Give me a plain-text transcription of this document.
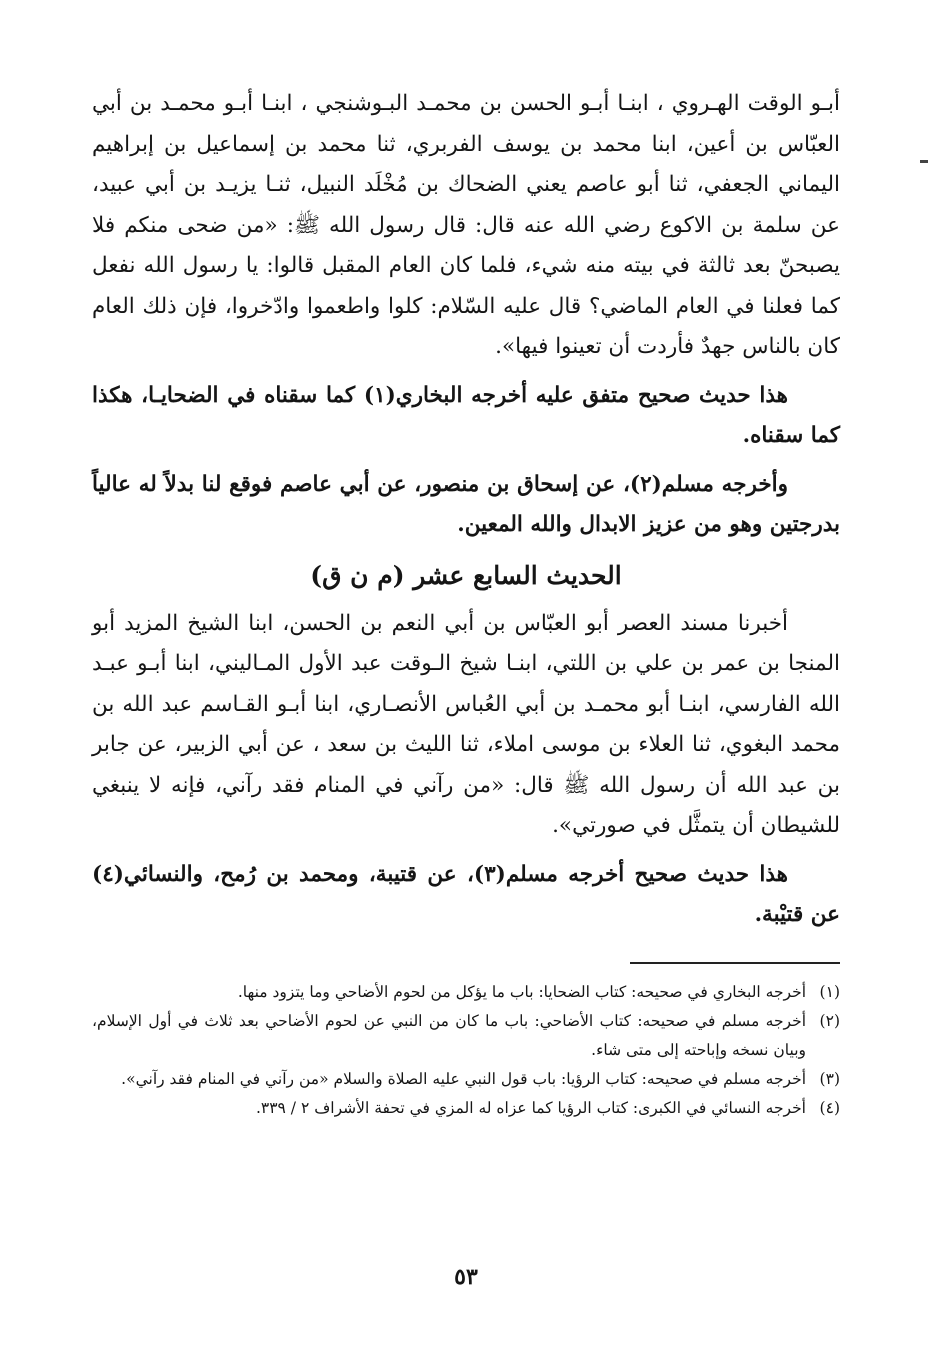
أبـو الوقت الهـروي ، ابنـا أبـو الحسن بن محمـد البـوشنجي ، ابنـا أبـو محمـد بن أبي العبّاس بن أعين، ابنا محمد بن يوسف الفربري، ثنا محمد بن إسماعيل بن إبراهيم اليماني الجعفي، ثنا أبو عاصم يعني الضحاك بن مُخْلَد النبيل، ثنـا يزيـد بن أبي عبيد، عن سلمة بن الاكوع رضي الله عنه قال: قال رسول الله ﷺ: «من ضحى منكم فلا يصبحنّ بعد ثالثة في بيته منه شيء، فلما كان العام المقبل قالوا: يا رسول الله نفعل كما فعلنا في العام الماضي؟ قال عليه السّلام: كلوا واطعموا وادّخروا، فإن ذلك العام كان بالناس جهدٌ فأردت أن تعينوا فيها».

هذا حديث صحيح متفق عليه أخرجه البخاري(١) كما سقناه في الضحايـا، هكذا كما سقناه.

وأخرجه مسلم(٢)، عن إسحاق بن منصور، عن أبي عاصم فوقع لنا بدلاً له عالياً بدرجتين وهو من عزيز الابدال والله المعين.

الحديث السابع عشر (م ن ق)

أخبرنا مسند العصر أبو العبّاس بن أبي النعم بن الحسن، ابنا الشيخ المزيد أبو المنجا بن عمر بن علي بن اللتي، ابنـا شيخ الـوقت عبد الأول المـاليني، ابنا أبـو عبـد الله الفارسي، ابنـا أبو محمـد بن أبي العُباس الأنصـاري، ابنا أبـو القـاسم عبد الله بن محمد البغوي، ثنا العلاء بن موسى املاء، ثنا الليث بن سعد ، عن أبي الزبير، عن جابر بن عبد الله أن رسول الله ﷺ قال: «من رآني في المنام فقد رآني، فإنه لا ينبغي للشيطان أن يتمثَّل في صورتي».

هذا حديث صحيح أخرجه مسلم(٣)، عن قتيبة، ومحمد بن رُمح، والنسائي(٤) عن قتيْبة.

(١)
أخرجه البخاري في صحيحه: كتاب الضحايا: باب ما يؤكل من لحوم الأضاحي وما يتزود منها.

(٢)
أخرجه مسلم في صحيحه: كتاب الأضاحي: باب ما كان من النبي عن لحوم الأضاحي بعد ثلاث في أول الإسلام، وبيان نسخه وإباحته إلى متى شاء.

(٣)
أخرجه مسلم في صحيحه: كتاب الرؤيا: باب قول النبي عليه الصلاة والسلام «من رآني في المنام فقد رآني».

(٤)
أخرجه النسائي في الكبرى: كتاب الرؤيا كما عزاه له المزي في تحفة الأشراف ٢ / ٣٣٩.

٥٣
